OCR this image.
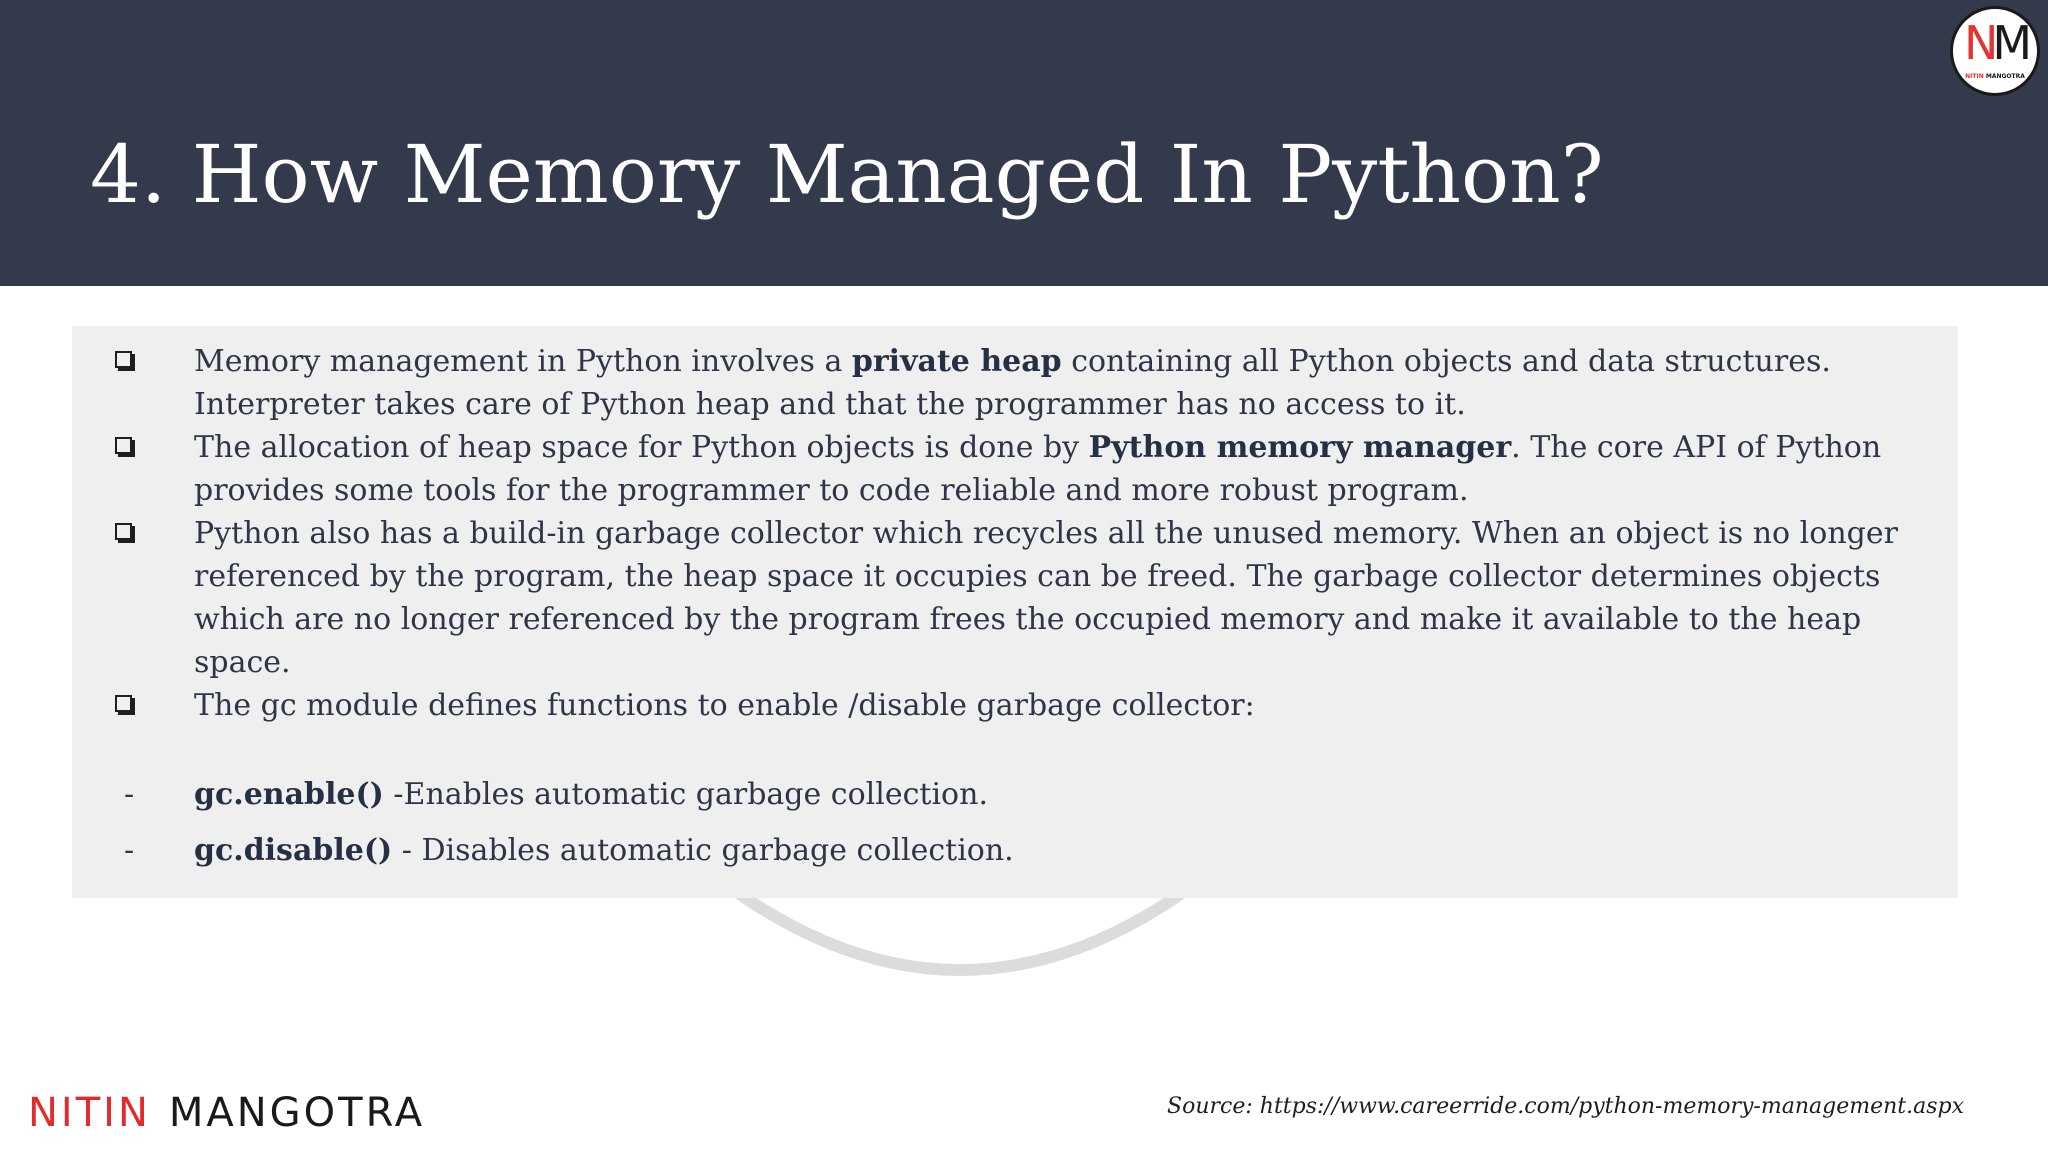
4. How Memory Managed In Python?
NM
NITIN MANGOTRA
Memory management in Python involves a private heap containing all Python objects and data structures. Interpreter takes care of Python heap and that the programmer has no access to it.
The allocation of heap space for Python objects is done by Python memory manager. The core API of Python provides some tools for the programmer to code reliable and more robust program.
Python also has a build-in garbage collector which recycles all the unused memory. When an object is no longer referenced by the program, the heap space it occupies can be freed. The garbage collector determines objects which are no longer referenced by the program frees the occupied memory and make it available to the heap space.
The gc module defines functions to enable /disable garbage collector:
- gc.enable() -Enables automatic garbage collection.
- gc.disable() - Disables automatic garbage collection.
NITIN MANGOTRA	Source: https://www.careerride.com/python-memory-management.aspx
